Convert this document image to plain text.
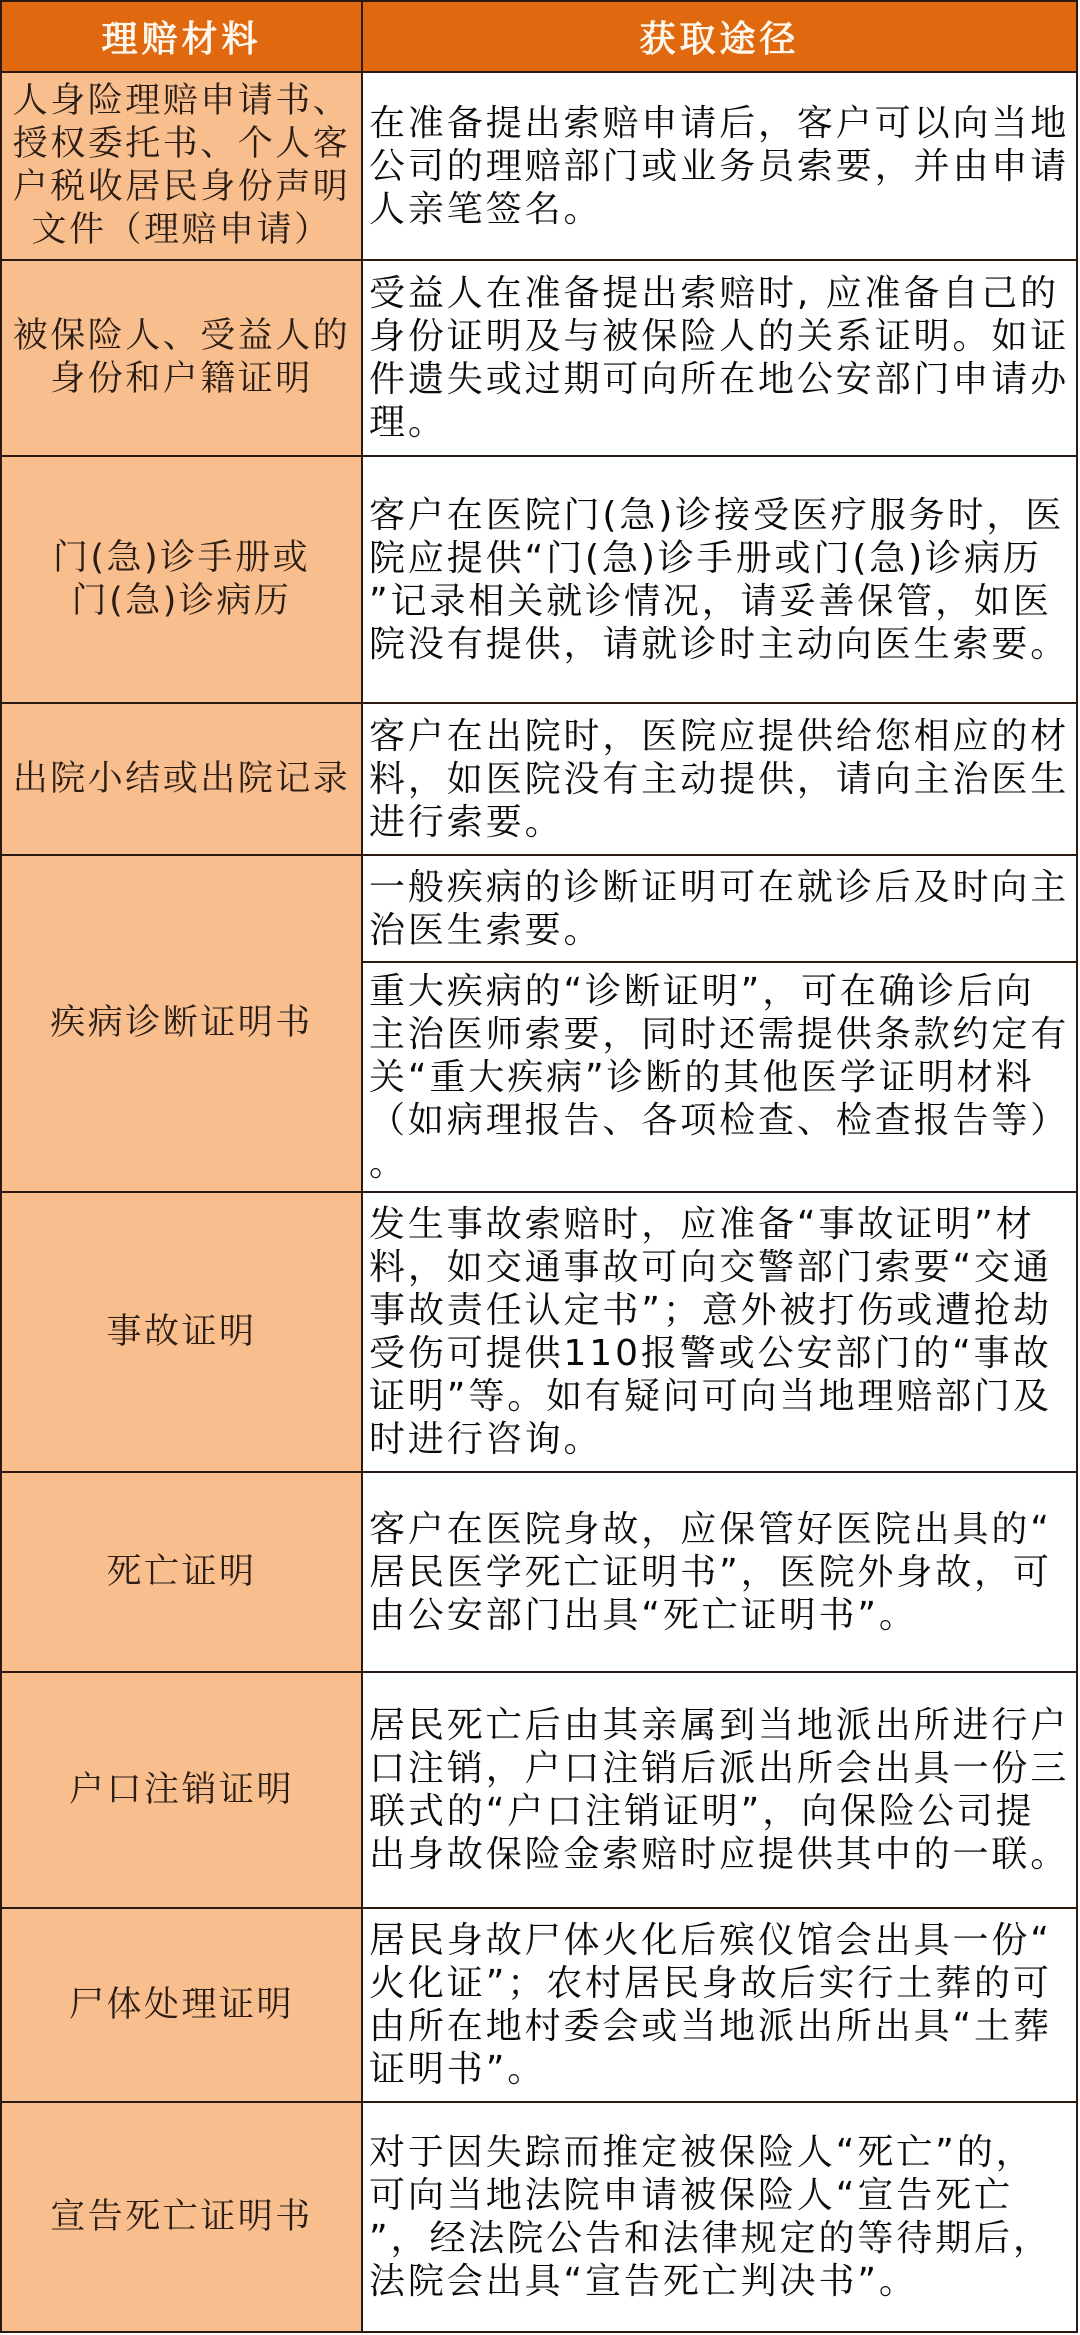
理赔材料	获取途径
人身险理赔申请书、
授权委托书、个人客
户税收居民身份声明
文件（理赔申请）
在准备提出索赔申请后，客户可以向当地
公司的理赔部门或业务员索要，并由申请
人亲笔签名。
被保险人、受益人的
身份和户籍证明
受益人在准备提出索赔时, 应准备自己的
身份证明及与被保险人的关系证明。如证
件遗失或过期可向所在地公安部门申请办
理。
门(急)诊手册或
门(急)诊病历
客户在医院门(急)诊接受医疗服务时，医
院应提供“门(急)诊手册或门(急)诊病历
”记录相关就诊情况，请妥善保管，如医
院没有提供，请就诊时主动向医生索要。
出院小结或出院记录
客户在出院时，医院应提供给您相应的材
料，如医院没有主动提供，请向主治医生
进行索要。
疾病诊断证明书
一般疾病的诊断证明可在就诊后及时向主
治医生索要。
重大疾病的“诊断证明”，可在确诊后向
主治医师索要，同时还需提供条款约定有
关“重大疾病”诊断的其他医学证明材料
（如病理报告、各项检查、检查报告等）
。
事故证明
发生事故索赔时，应准备“事故证明”材
料，如交通事故可向交警部门索要“交通
事故责任认定书”；意外被打伤或遭抢劫
受伤可提供110报警或公安部门的“事故
证明”等。如有疑问可向当地理赔部门及
时进行咨询。
死亡证明
客户在医院身故，应保管好医院出具的“
居民医学死亡证明书”，医院外身故，可
由公安部门出具“死亡证明书”。
户口注销证明
居民死亡后由其亲属到当地派出所进行户
口注销，户口注销后派出所会出具一份三
联式的“户口注销证明”，向保险公司提
出身故保险金索赔时应提供其中的一联。
尸体处理证明
居民身故尸体火化后殡仪馆会出具一份“
火化证”；农村居民身故后实行土葬的可
由所在地村委会或当地派出所出具“土葬
证明书”。
宣告死亡证明书
对于因失踪而推定被保险人“死亡”的，
可向当地法院申请被保险人“宣告死亡
”，经法院公告和法律规定的等待期后，
法院会出具“宣告死亡判决书”。
